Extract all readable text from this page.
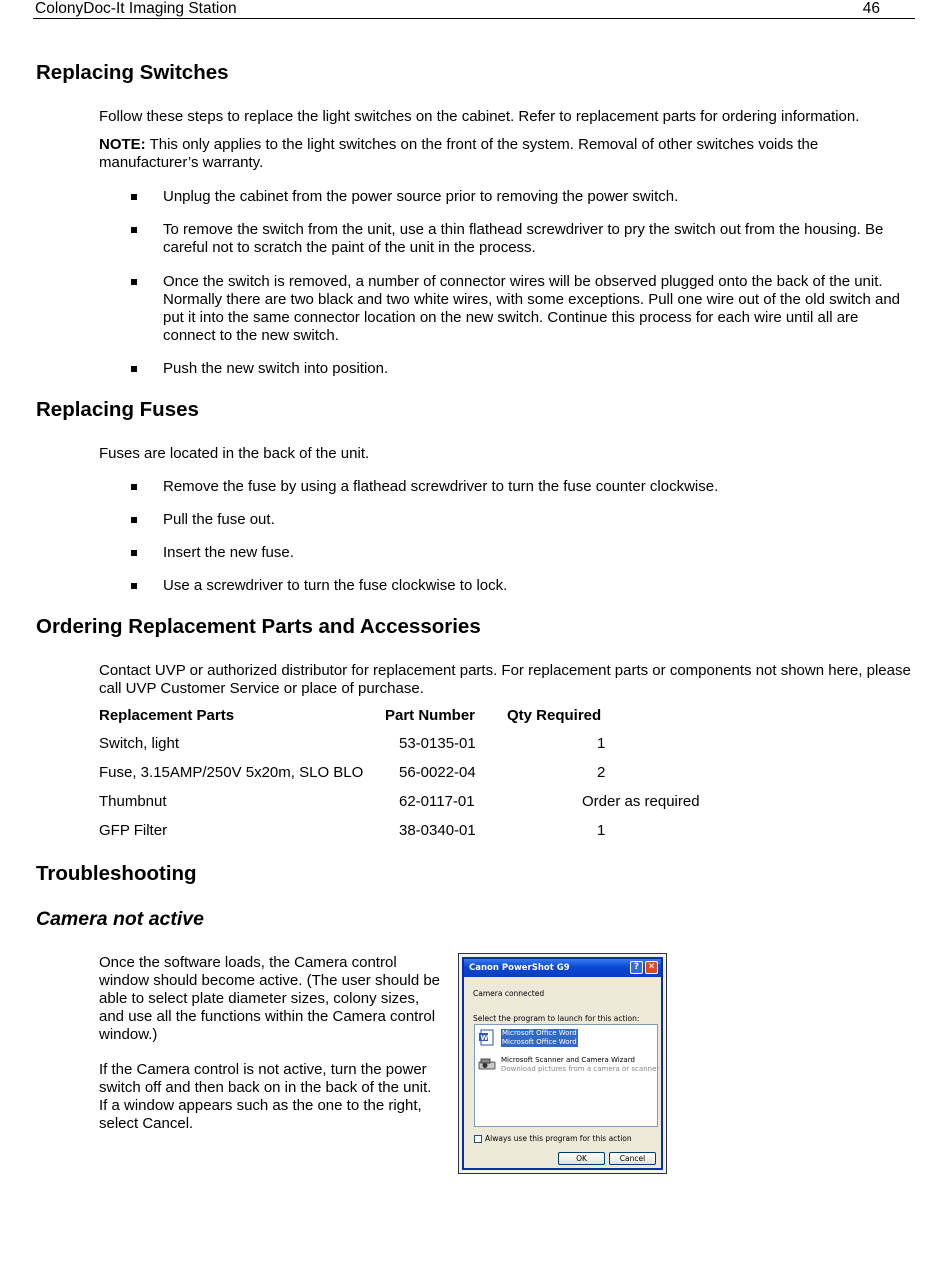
ColonyDoc-It Imaging Station	46
Replacing Switches

Follow these steps to replace the light switches on the cabinet. Refer to replacement parts for ordering information.

NOTE: This only applies to the light switches on the front of the system. Removal of other switches voids the manufacturer’s warranty.

Unplug the cabinet from the power source prior to removing the power switch.
To remove the switch from the unit, use a thin flathead screwdriver to pry the switch out from the housing. Be careful not to scratch the paint of the unit in the process.
Once the switch is removed, a number of connector wires will be observed plugged onto the back of the unit. Normally there are two black and two white wires, with some exceptions. Pull one wire out of the old switch and put it into the same connector location on the new switch. Continue this process for each wire until all are connect to the new switch.
Push the new switch into position.
Replacing Fuses

Fuses are located in the back of the unit.

Remove the fuse by using a flathead screwdriver to turn the fuse counter clockwise.
Pull the fuse out.
Insert the new fuse.
Use a screwdriver to turn the fuse clockwise to lock.
Ordering Replacement Parts and Accessories

Contact UVP or authorized distributor for replacement parts. For replacement parts or components not shown here, please call UVP Customer Service or place of purchase.

Replacement Parts	Part Number	Qty Required
Switch, light	53-0135-01	1
Fuse, 3.15AMP/250V 5x20m, SLO BLO	56-0022-04	2
Thumbnut	62-0117-01	Order as required
GFP Filter	38-0340-01	1
Troubleshooting
Camera not active

Once the software loads, the Camera control window should become active. (The user should be able to select plate diameter sizes, colony sizes, and use all the functions within the Camera control window.)

If the Camera control is not active, turn the power switch off and then back on in the back of the unit. If a window appears such as the one to the right, select Cancel.

Canon PowerShot G9	? ✕
Camera connected
Select the program to launch for this action:
W
Microsoft Office Word
Microsoft Office Word
Microsoft Scanner and Camera Wizard
Download pictures from a camera or scanner
Always use this program for this action
OK	Cancel
